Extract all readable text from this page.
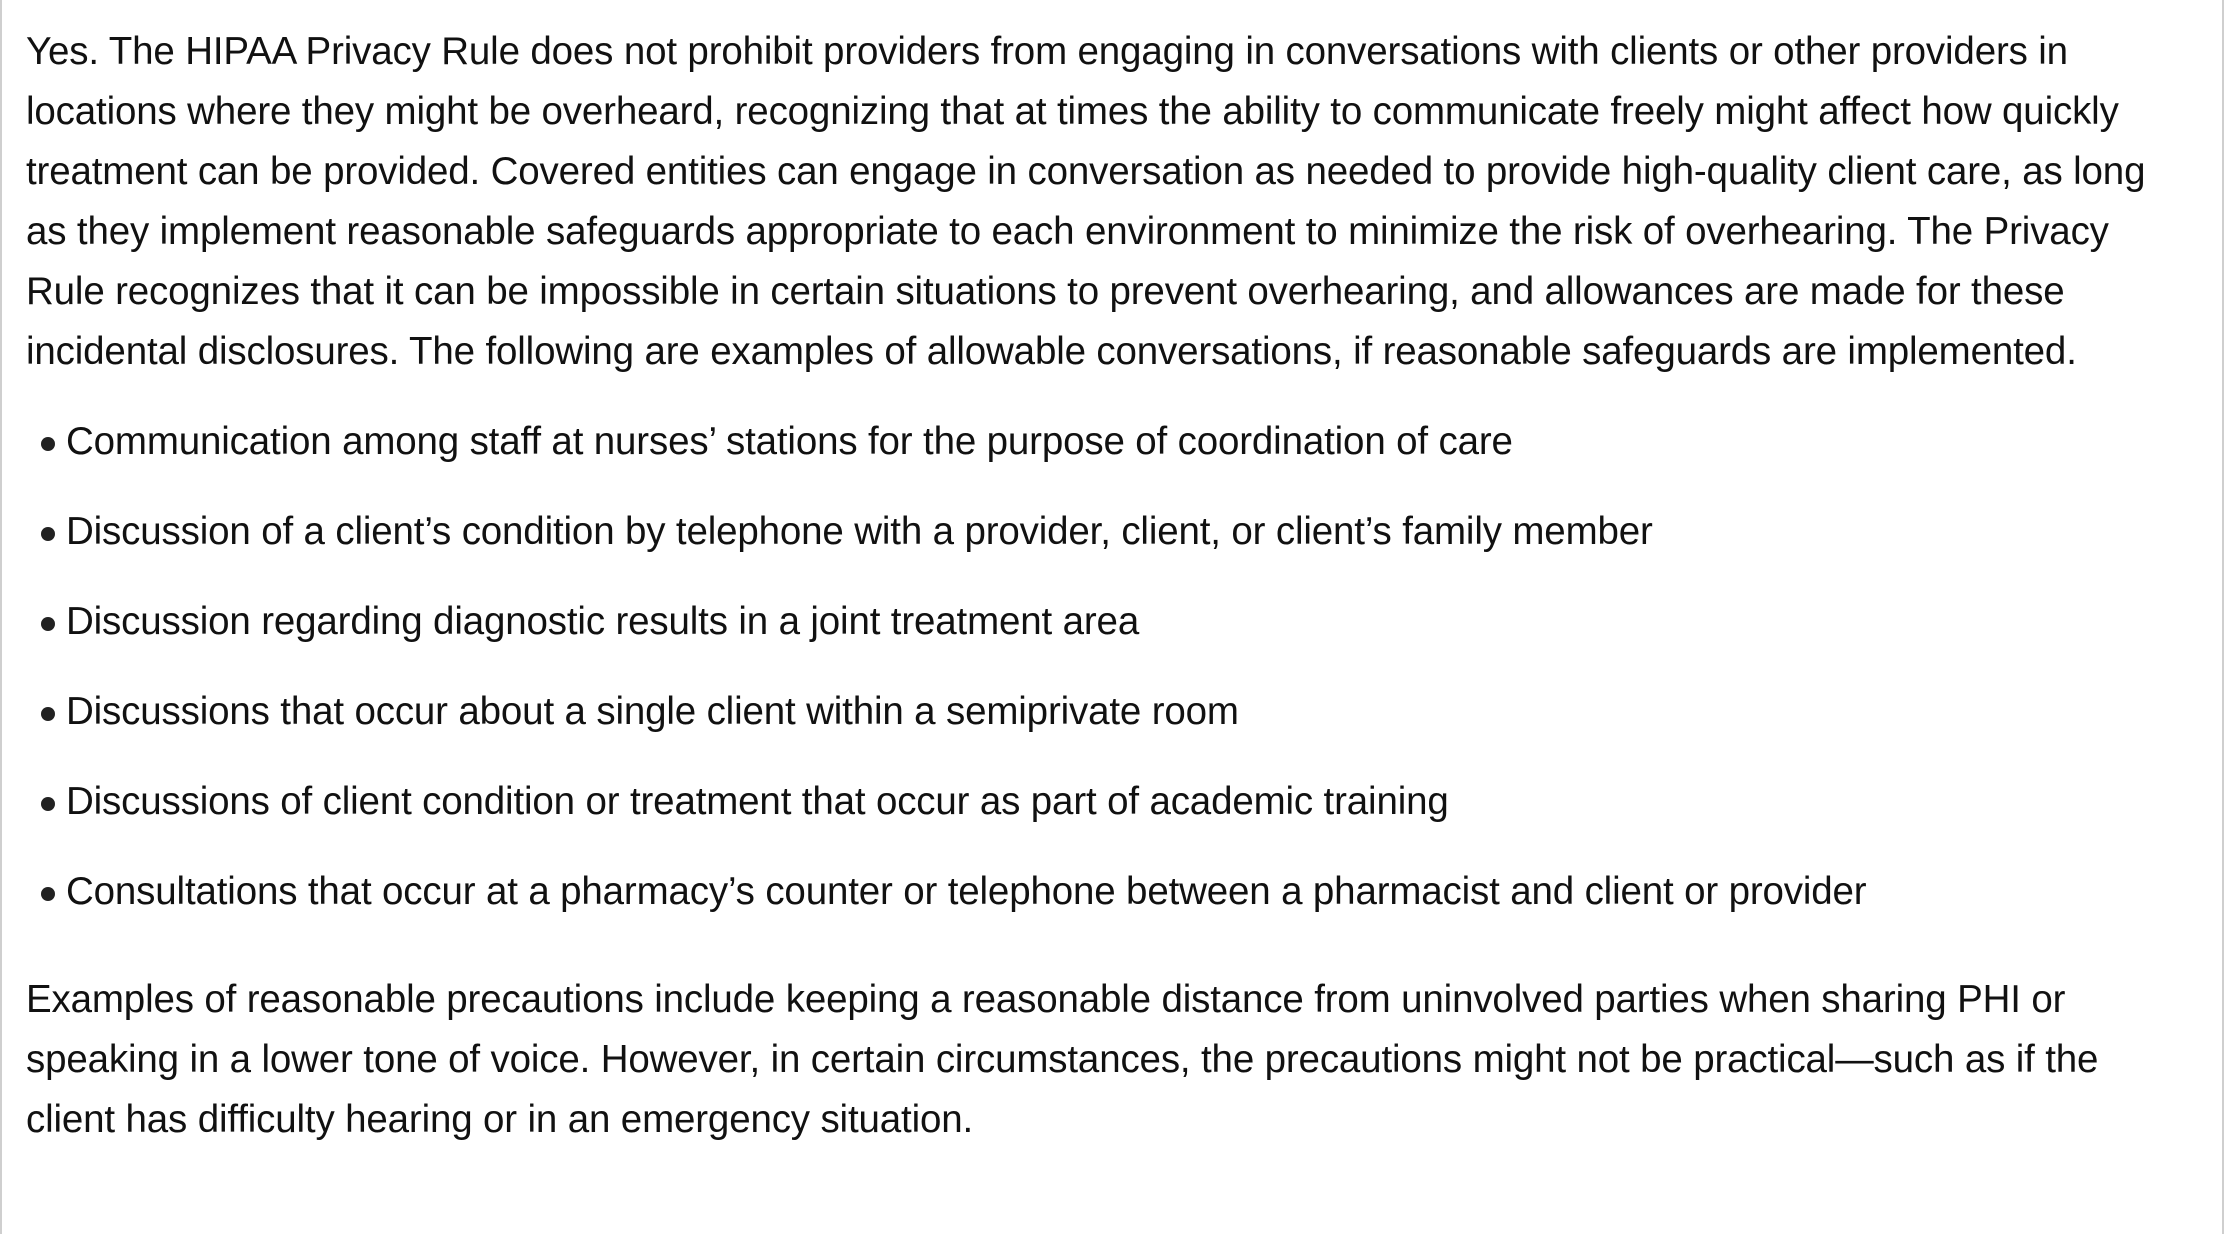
Yes. The HIPAA Privacy Rule does not prohibit providers from engaging in conversations with clients or other providers in locations where they might be overheard, recognizing that at times the ability to communicate freely might affect how quickly treatment can be provided. Covered entities can engage in conversation as needed to provide high-quality client care, as long as they implement reasonable safeguards appropriate to each environment to minimize the risk of overhearing. The Privacy Rule recognizes that it can be impossible in certain situations to prevent overhearing, and allowances are made for these incidental disclosures. The following are examples of allowable conversations, if reasonable safeguards are implemented.

Communication among staff at nurses’ stations for the purpose of coordination of care
Discussion of a client’s condition by telephone with a provider, client, or client’s family member
Discussion regarding diagnostic results in a joint treatment area
Discussions that occur about a single client within a semiprivate room
Discussions of client condition or treatment that occur as part of academic training
Consultations that occur at a pharmacy’s counter or telephone between a pharmacist and client or provider

Examples of reasonable precautions include keeping a reasonable distance from uninvolved parties when sharing PHI or speaking in a lower tone of voice. However, in certain circumstances, the precautions might not be practical—such as if the client has difficulty hearing or in an emergency situation.
